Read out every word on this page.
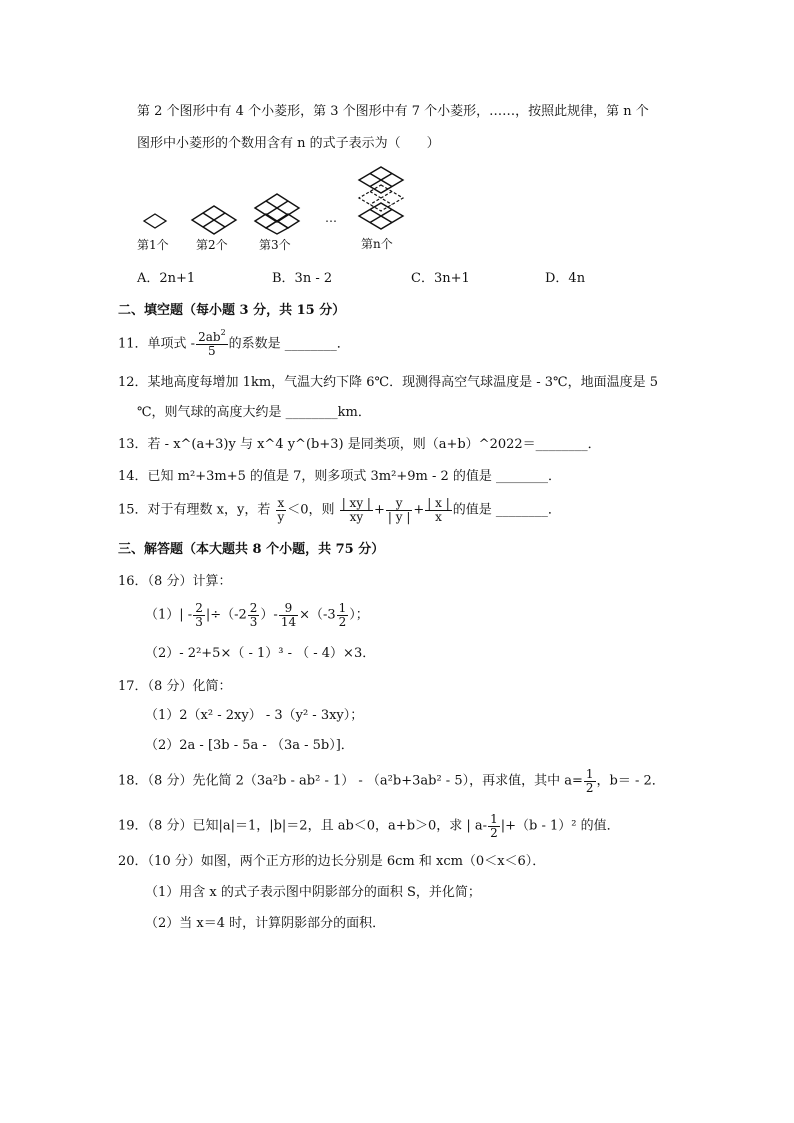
第 2 个图形中有 4 个小菱形，第 3 个图形中有 7 个小菱形，……，按照此规律，第 n 个
图形中小菱形的个数用含有 n 的式子表示为（　　）
…
第1个 第2个	第3个	第n个
A．2n+1	B．3n - 2	C．3n+1	D．4n
二、填空题（每小题 3 分，共 15 分）
11．单项式 - $\frac{2ab^2}{5}$ 的系数是 ________．
12．某地高度每增加 1km，气温大约下降 6℃．现测得高空气球温度是 - 3℃，地面温度是 5
℃，则气球的高度大约是 ________km．
13．若 - x^(a+3)y 与 x^4 y^(b+3) 是同类项，则（a+b）^2022＝________．
14．已知 m²+3m+5 的值是 7，则多项式 3m²+9m - 2 的值是 ________．
15．对于有理数 x，y，若 $\frac{x}{y} <0$，则 $\frac{| xy |}{xy} + \frac{y}{| y |} + \frac{| x |}{x}$ 的值是 ________．
三、解答题（本大题共 8 个小题，共 75 分）
16．（8 分）计算：
$(1)| - \frac{2}{3} |\div(-2 \frac{2}{3}$ ）- $\frac{9}{14} \times(-3 \frac{1}{2}$ ）；
（2）- 2²+5×（ - 1）³ - （ - 4）×3．
17．（8 分）化简：
（1）2（x² - 2xy） - 3（y² - 3xy）；
（2）2a - [3b - 5a - （3a - 5b）]．
18．（8 分）先化简 2（3a²b - ab² - 1） - （a²b+3ab² - 5），再求值，其中 $a= \frac{1}{2}$ ，b＝ - 2．
19．（8 分）已知|a|＝1，|b|＝2，且 ab＜0，a+b＞0，求 | $a- \frac{1}{2} |+(b - 1)^2$ 的值．
20．（10 分）如图，两个正方形的边长分别是 6cm 和 xcm（0＜x＜6）．
（1）用含 x 的式子表示图中阴影部分的面积 S，并化简；
（2）当 x＝4 时，计算阴影部分的面积．
